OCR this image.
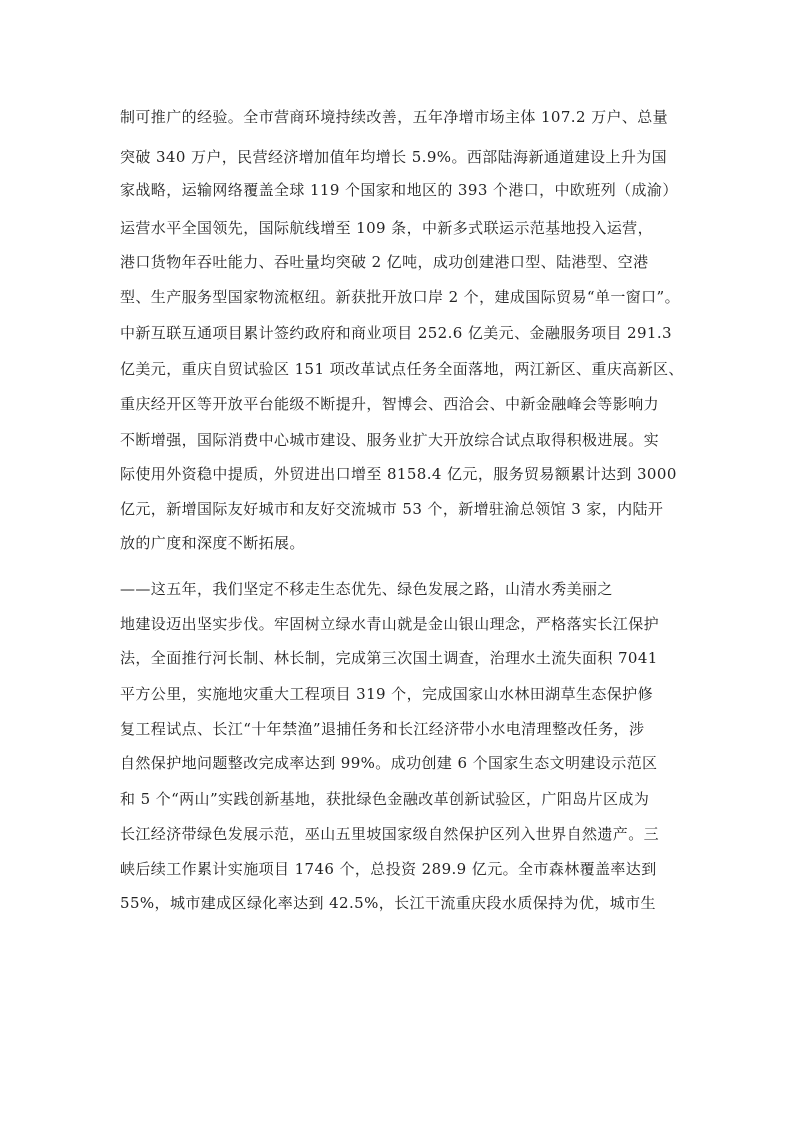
制可推广的经验。全市营商环境持续改善，五年净增市场主体 107.2 万户、总量
突破 340 万户，民营经济增加值年均增长 5.9%。西部陆海新通道建设上升为国
家战略，运输网络覆盖全球 119 个国家和地区的 393 个港口，中欧班列（成渝）
运营水平全国领先，国际航线增至 109 条，中新多式联运示范基地投入运营，
港口货物年吞吐能力、吞吐量均突破 2 亿吨，成功创建港口型、陆港型、空港
型、生产服务型国家物流枢纽。新获批开放口岸 2 个，建成国际贸易“单一窗口”。
中新互联互通项目累计签约政府和商业项目 252.6 亿美元、金融服务项目 291.3
亿美元，重庆自贸试验区 151 项改革试点任务全面落地，两江新区、重庆高新区、
重庆经开区等开放平台能级不断提升，智博会、西洽会、中新金融峰会等影响力
不断增强，国际消费中心城市建设、服务业扩大开放综合试点取得积极进展。实
际使用外资稳中提质，外贸进出口增至 8158.4 亿元，服务贸易额累计达到 3000
亿元，新增国际友好城市和友好交流城市 53 个，新增驻渝总领馆 3 家，内陆开
放的广度和深度不断拓展。
——这五年，我们坚定不移走生态优先、绿色发展之路，山清水秀美丽之
地建设迈出坚实步伐。牢固树立绿水青山就是金山银山理念，严格落实长江保护
法，全面推行河长制、林长制，完成第三次国土调查，治理水土流失面积 7041
平方公里，实施地灾重大工程项目 319 个，完成国家山水林田湖草生态保护修
复工程试点、长江“十年禁渔”退捕任务和长江经济带小水电清理整改任务，涉
自然保护地问题整改完成率达到 99%。成功创建 6 个国家生态文明建设示范区
和 5 个“两山”实践创新基地，获批绿色金融改革创新试验区，广阳岛片区成为
长江经济带绿色发展示范，巫山五里坡国家级自然保护区列入世界自然遗产。三
峡后续工作累计实施项目 1746 个，总投资 289.9 亿元。全市森林覆盖率达到
55%，城市建成区绿化率达到 42.5%，长江干流重庆段水质保持为优，城市生
